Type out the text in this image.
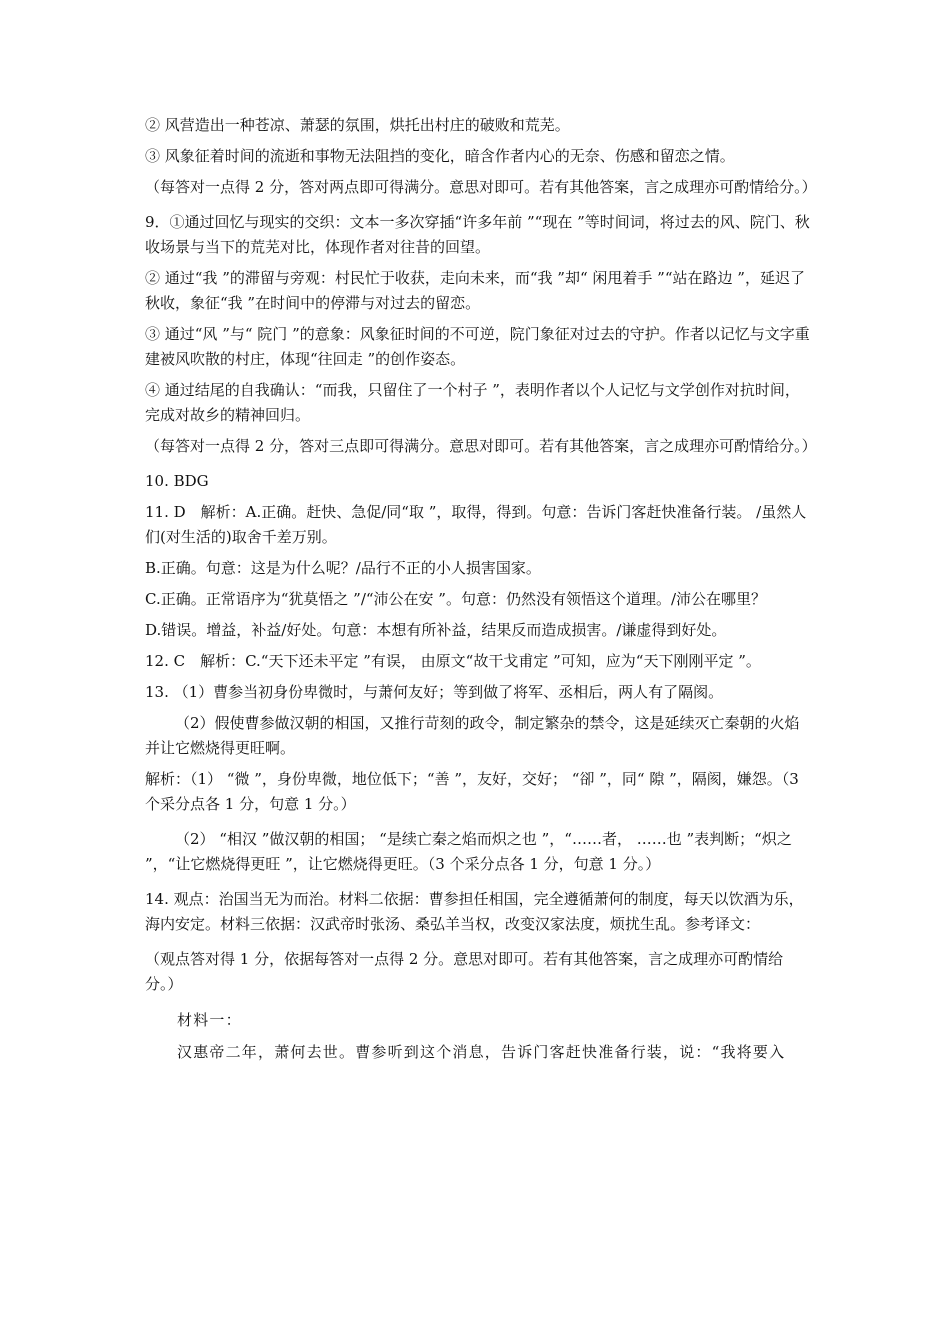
② 风营造出一种苍凉、萧瑟的氛围，烘托出村庄的破败和荒芜。

③ 风象征着时间的流逝和事物无法阻挡的变化，暗含作者内心的无奈、伤感和留恋之情。

（每答对一点得 2 分，答对两点即可得满分。意思对即可。若有其他答案，言之成理亦可酌情给分。）

9．①通过回忆与现实的交织：文本一多次穿插“许多年前 ”“现在 ”等时间词，将过去的风、院门、秋收场景与当下的荒芜对比，体现作者对往昔的回望。

② 通过“我 ”的滞留与旁观：村民忙于收获，走向未来，而“我 ”却“ 闲甩着手 ”“站在路边 ”，延迟了秋收，象征“我 ”在时间中的停滞与对过去的留恋。

③ 通过“风 ”与“ 院门 ”的意象：风象征时间的不可逆，院门象征对过去的守护。作者以记忆与文字重建被风吹散的村庄，体现“往回走 ”的创作姿态。

④ 通过结尾的自我确认：“而我，只留住了一个村子 ”，表明作者以个人记忆与文学创作对抗时间，完成对故乡的精神回归。

（每答对一点得 2 分，答对三点即可得满分。意思对即可。若有其他答案，言之成理亦可酌情给分。）

10. BDG

11. D　解析：A.正确。赶快、急促/同“取 ”，取得，得到。句意：告诉门客赶快准备行装。 /虽然人们(对生活的)取舍千差万别。

B.正确。句意：这是为什么呢？/品行不正的小人损害国家。

C.正确。正常语序为“犹莫悟之 ”/“沛公在安 ”。句意：仍然没有领悟这个道理。/沛公在哪里？

D.错误。增益，补益/好处。句意：本想有所补益，结果反而造成损害。/谦虚得到好处。

12. C　解析：C.“天下还未平定 ”有误， 由原文“故干戈甫定 ”可知，应为“天下刚刚平定 ”。

13. （1）曹参当初身份卑微时，与萧何友好；等到做了将军、丞相后，两人有了隔阂。

（2）假使曹参做汉朝的相国，又推行苛刻的政令，制定繁杂的禁令，这是延续灭亡秦朝的火焰并让它燃烧得更旺啊。

解析：（1） “微 ”，身份卑微，地位低下；“善 ”，友好，交好； “卻 ”，同“ 隙 ”，隔阂，嫌怨。（3 个采分点各 1 分，句意 1 分。）

（2） “相汉 ”做汉朝的相国； “是续亡秦之焰而炽之也 ”，“……者， ……也 ”表判断；“炽之 ”，“让它燃烧得更旺 ”，让它燃烧得更旺。（3 个采分点各 1 分，句意 1 分。）

14. 观点：治国当无为而治。材料二依据：曹参担任相国，完全遵循萧何的制度，每天以饮酒为乐，海内安定。材料三依据：汉武帝时张汤、桑弘羊当权，改变汉家法度，烦扰生乱。参考译文：

（观点答对得 1 分，依据每答对一点得 2 分。意思对即可。若有其他答案，言之成理亦可酌情给分。）

材料一：

汉惠帝二年，萧何去世。曹参听到这个消息，告诉门客赶快准备行装，说：“我将要入
